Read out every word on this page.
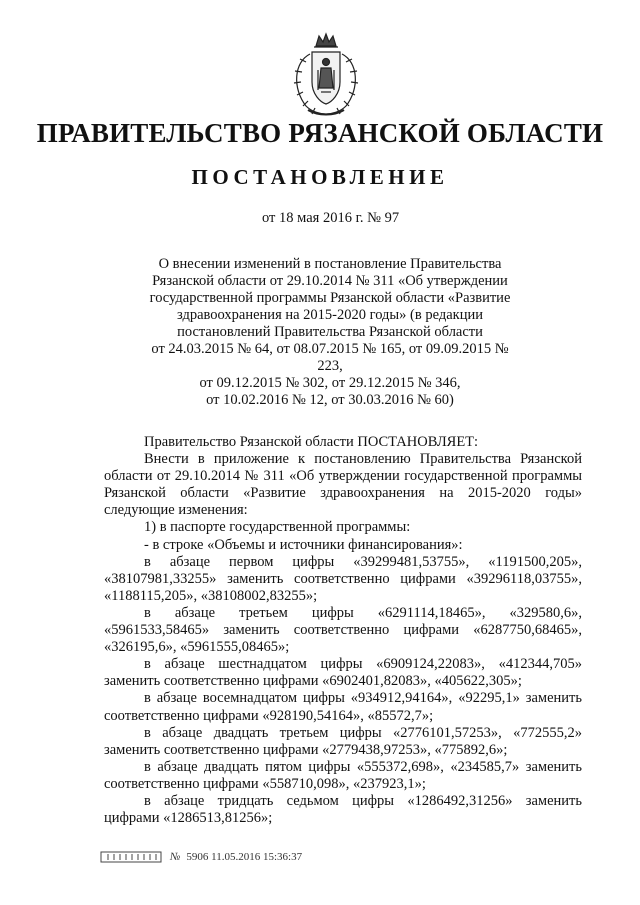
ПРАВИТЕЛЬСТВО РЯЗАНСКОЙ ОБЛАСТИ
ПОСТАНОВЛЕНИЕ
от 18 мая 2016 г. № 97
О внесении изменений в постановление Правительства
Рязанской области от 29.10.2014 № 311 «Об утверждении
государственной программы Рязанской области «Развитие
здравоохранения на 2015-2020 годы» (в редакции
постановлений Правительства Рязанской области
от 24.03.2015 № 64, от 08.07.2015 № 165, от 09.09.2015 № 223,
от 09.12.2015 № 302, от 29.12.2015 № 346,
от 10.02.2016 № 12, от 30.03.2016 № 60)

Правительство Рязанской области ПОСТАНОВЛЯЕТ:

Внести в приложение к постановлению Правительства Рязанской области от 29.10.2014 № 311 «Об утверждении государственной программы Рязанской области «Развитие здравоохранения на 2015-2020 годы» следующие изменения:

1) в паспорте государственной программы:

- в строке «Объемы и источники финансирования»:

в абзаце первом цифры «39299481,53755», «1191500,205», «38107981,33255» заменить соответственно цифрами «39296118,03755», «1188115,205», «38108002,83255»;

в абзаце третьем цифры «6291114,18465», «329580,6», «5961533,58465» заменить соответственно цифрами «6287750,68465», «326195,6», «5961555,08465»;

в абзаце шестнадцатом цифры «6909124,22083», «412344,705» заменить соответственно цифрами «6902401,82083», «405622,305»;

в абзаце восемнадцатом цифры «934912,94164», «92295,1» заменить соответственно цифрами «928190,54164», «85572,7»;

в абзаце двадцать третьем цифры «2776101,57253», «772555,2» заменить соответственно цифрами «2779438,97253», «775892,6»;

в абзаце двадцать пятом цифры «555372,698», «234585,7» заменить соответственно цифрами «558710,098», «237923,1»;

в абзаце тридцать седьмом цифры «1286492,31256» заменить цифрами «1286513,81256»;

№ 5906 11.05.2016 15:36:37
